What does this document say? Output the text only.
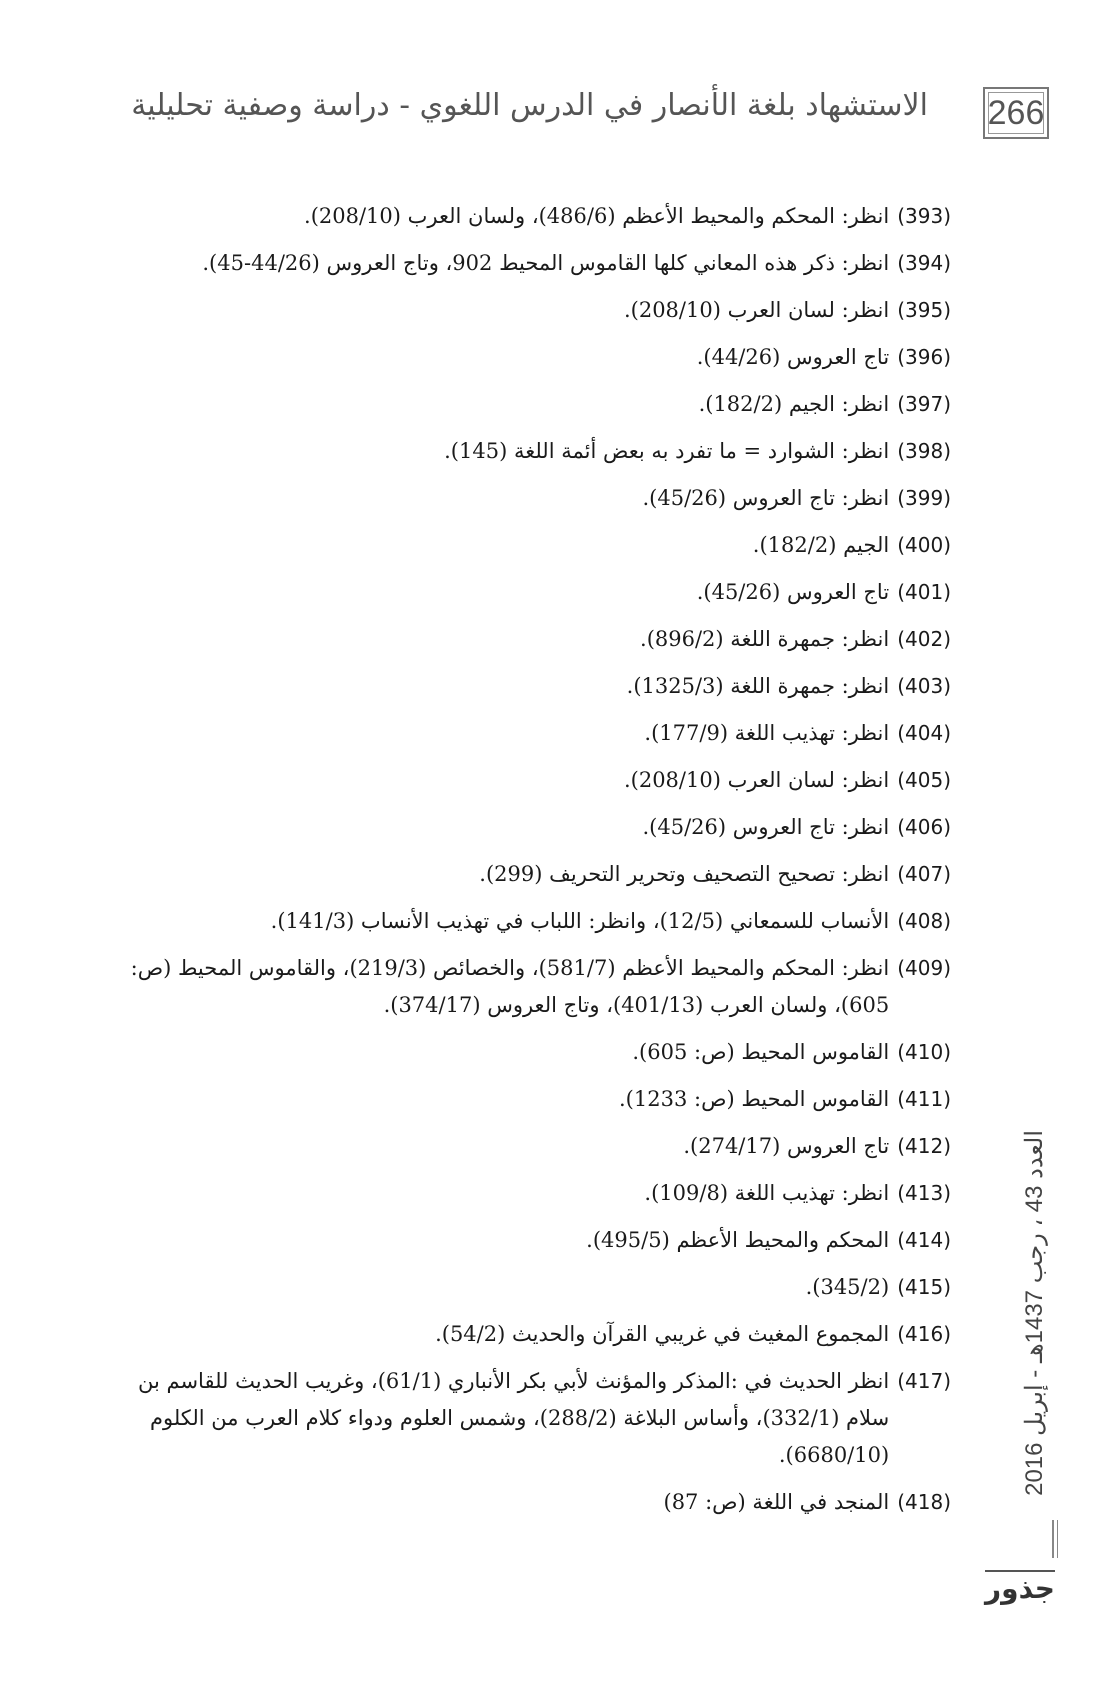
266
الاستشهاد بلغة الأنصار في الدرس اللغوي - دراسة وصفية تحليلية
(393)
انظر: المحكم والمحيط الأعظم (486/6)، ولسان العرب (208/10).
(394)
انظر: ذكر هذه المعاني كلها القاموس المحيط 902، وتاج العروس (44/26-45).
(395)
انظر: لسان العرب (208/10).
(396)
تاج العروس (44/26).
(397)
انظر: الجيم (182/2).
(398)
انظر: الشوارد = ما تفرد به بعض أئمة اللغة (145).
(399)
انظر: تاج العروس (45/26).
(400)
الجيم (182/2).
(401)
تاج العروس (45/26).
(402)
انظر: جمهرة اللغة (896/2).
(403)
انظر: جمهرة اللغة (1325/3).
(404)
انظر: تهذيب اللغة (177/9).
(405)
انظر: لسان العرب (208/10).
(406)
انظر: تاج العروس (45/26).
(407)
انظر: تصحيح التصحيف وتحرير التحريف (299).
(408)
الأنساب للسمعاني (12/5)، وانظر: اللباب في تهذيب الأنساب (141/3).
(409)
انظر: المحكم والمحيط الأعظم (581/7)، والخصائص (219/3)، والقاموس المحيط (ص: 605)، ولسان العرب (401/13)، وتاج العروس (374/17).
(410)
القاموس المحيط (ص: 605).
(411)
القاموس المحيط (ص: 1233).
(412)
تاج العروس (274/17).
(413)
انظر: تهذيب اللغة (109/8).
(414)
المحكم والمحيط الأعظم (495/5).
(415)
(345/2).
(416)
المجموع المغيث في غريبي القرآن والحديث (54/2).
(417)
انظر الحديث في :المذكر والمؤنث لأبي بكر الأنباري (61/1)، وغريب الحديث للقاسم بن سلام (332/1)، وأساس البلاغة (288/2)، وشمس العلوم ودواء كلام العرب من الكلوم (6680/10).
(418)
المنجد في اللغة (ص: 87)
العدد 43 ، رجب 1437هـ - إبريل 2016
جذور
